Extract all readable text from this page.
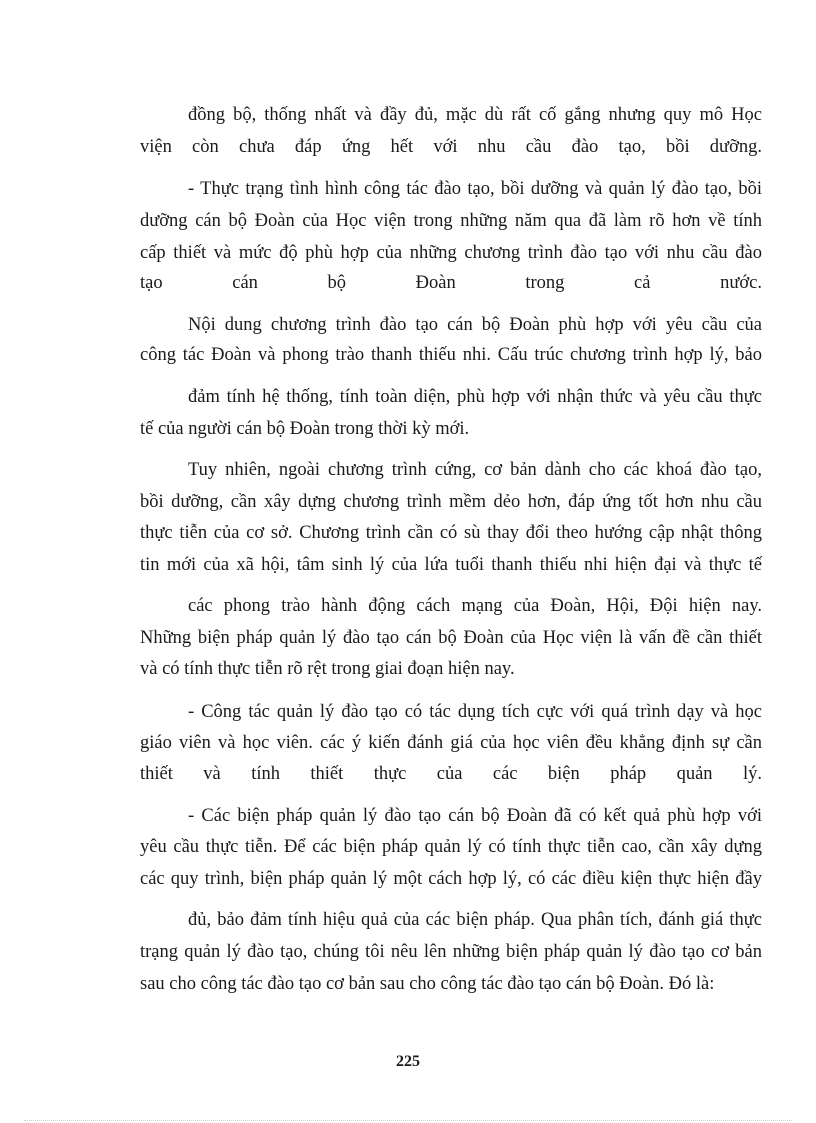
đồng bộ, thống nhất và đầy đủ, mặc dù rất cố gắng nhưng quy mô Học
viện còn chưa đáp ứng hết với nhu cầu đào tạo, bồi dưỡng.
- Thực trạng tình hình công tác đào tạo, bồi dưỡng và quản lý đào tạo, bồi
dưỡng cán bộ Đoàn của Học viện trong những năm qua đã làm rõ hơn về tính
cấp thiết và mức độ phù hợp của những chương trình đào tạo với nhu cầu đào
tạo cán bộ Đoàn trong cả nước.
Nội dung chương trình đào tạo cán bộ Đoàn phù hợp với yêu cầu của
công tác Đoàn và phong trào thanh thiếu nhi. Cấu trúc chương trình hợp lý, bảo
đảm tính hệ thống, tính toàn diện, phù hợp với nhận thức và yêu cầu thực
tế của người cán bộ Đoàn trong thời kỳ mới.
Tuy nhiên, ngoài chương trình cứng, cơ bản dành cho các khoá đào tạo,
bồi dưỡng, cần xây dựng chương trình mềm dẻo hơn, đáp ứng tốt hơn nhu cầu
thực tiễn của cơ sở. Chương trình cần có sù thay đổi theo hướng cập nhật thông
tin mới của xã hội, tâm sinh lý của lứa tuổi thanh thiếu nhi hiện đại và thực tế
các phong trào hành động cách mạng của Đoàn, Hội, Đội hiện nay.
Những biện pháp quản lý đào tạo cán bộ Đoàn của Học viện là vấn đề cần thiết
và có tính thực tiễn rõ rệt trong giai đoạn hiện nay.
- Công tác quản lý đào tạo có tác dụng tích cực với quá trình dạy và học
giáo viên và học viên. các ý kiến đánh giá của học viên đều khẳng định sự cần
thiết và tính thiết thực của các biện pháp quản lý.
- Các biện pháp quản lý đào tạo cán bộ Đoàn đã có kết quả phù hợp với
yêu cầu thực tiễn. Để các biện pháp quản lý có tính thực tiễn cao, cần xây dựng
các quy trình, biện pháp quản lý một cách hợp lý, có các điều kiện thực hiện đầy
đủ, bảo đảm tính hiệu quả của các biện pháp. Qua phân tích, đánh giá thực
trạng quản lý đào tạo, chúng tôi nêu lên những biện pháp quản lý đào tạo cơ bản
sau cho công tác đào tạo cơ bản sau cho công tác đào tạo cán bộ Đoàn. Đó là:
225
